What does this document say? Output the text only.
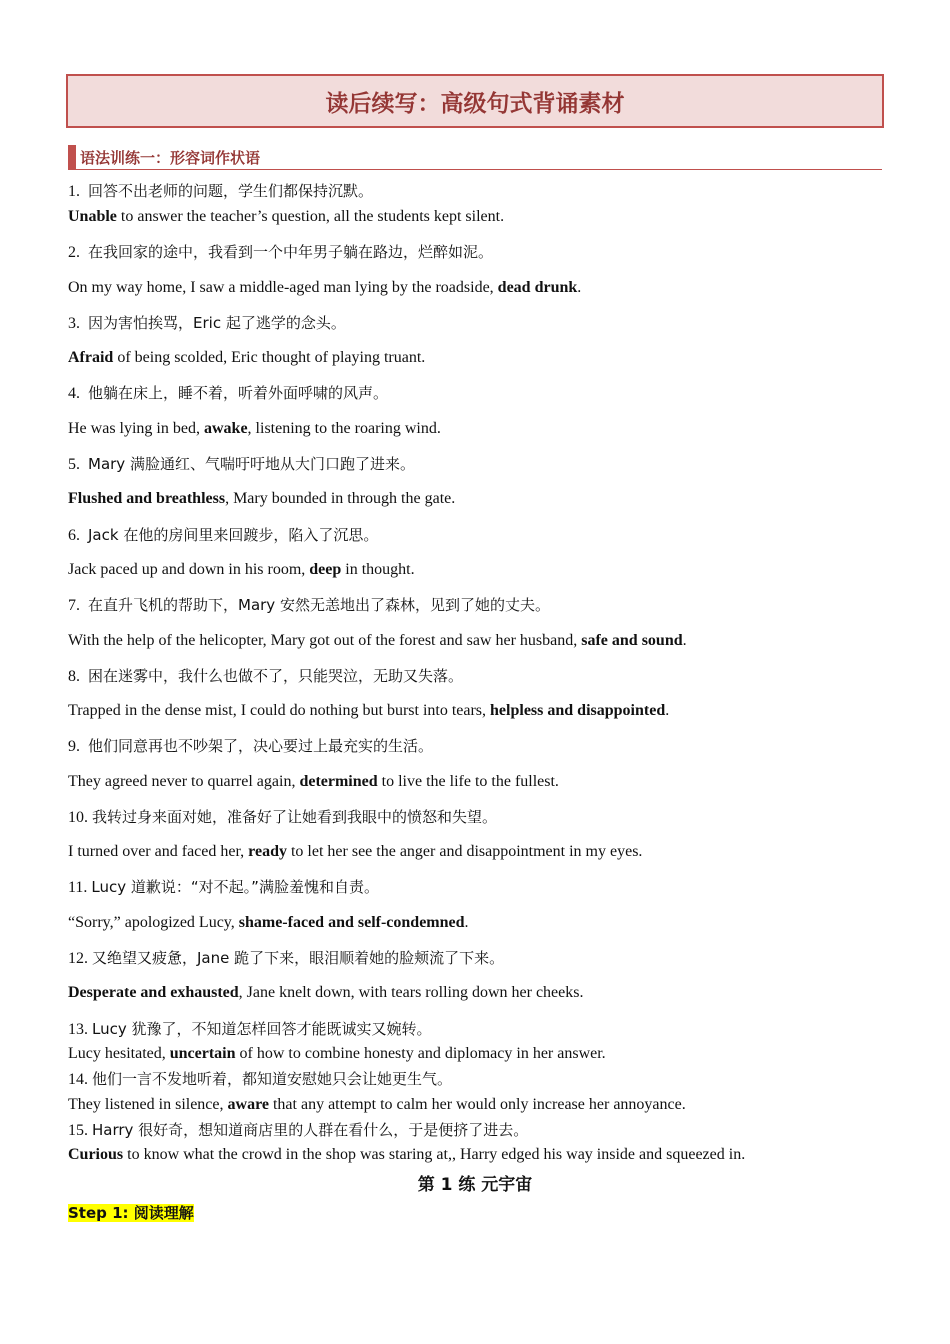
读后续写：高级句式背诵素材
语法训练一：形容词作状语
1. 回答不出老师的问题，学生们都保持沉默。
Unable to answer the teacher’s question, all the students kept silent.
2. 在我回家的途中，我看到一个中年男子躺在路边，烂醉如泥。
On my way home, I saw a middle-aged man lying by the roadside, dead drunk.
3. 因为害怕挨骂，Eric 起了逃学的念头。
Afraid of being scolded, Eric thought of playing truant.
4. 他躺在床上，睡不着，听着外面呼啸的风声。
He was lying in bed, awake, listening to the roaring wind.
5. Mary 满脸通红、气喘吁吁地从大门口跑了进来。
Flushed and breathless, Mary bounded in through the gate.
6. Jack 在他的房间里来回踱步，陷入了沉思。
Jack paced up and down in his room, deep in thought.
7. 在直升飞机的帮助下，Mary 安然无恙地出了森林，见到了她的丈夫。
With the help of the helicopter, Mary got out of the forest and saw her husband, safe and sound.
8. 困在迷雾中，我什么也做不了，只能哭泣，无助又失落。
Trapped in the dense mist, I could do nothing but burst into tears, helpless and disappointed.
9. 他们同意再也不吵架了，决心要过上最充实的生活。
They agreed never to quarrel again, determined to live the life to the fullest.
10. 我转过身来面对她，准备好了让她看到我眼中的愤怒和失望。
I turned over and faced her, ready to let her see the anger and disappointment in my eyes.
11. Lucy 道歉说：“对不起。”满脸羞愧和自责。
“Sorry,” apologized Lucy, shame-faced and self-condemned.
12. 又绝望又疲惫，Jane 跪了下来，眼泪顺着她的脸颊流了下来。
Desperate and exhausted, Jane knelt down, with tears rolling down her cheeks.
13. Lucy 犹豫了，不知道怎样回答才能既诚实又婉转。
Lucy hesitated, uncertain of how to combine honesty and diplomacy in her answer.
14. 他们一言不发地听着，都知道安慰她只会让她更生气。
They listened in silence, aware that any attempt to calm her would only increase her annoyance.
15. Harry 很好奇，想知道商店里的人群在看什么，于是便挤了进去。
Curious to know what the crowd in the shop was staring at,, Harry edged his way inside and squeezed in.
第 1 练 元宇宙
Step 1: 阅读理解
